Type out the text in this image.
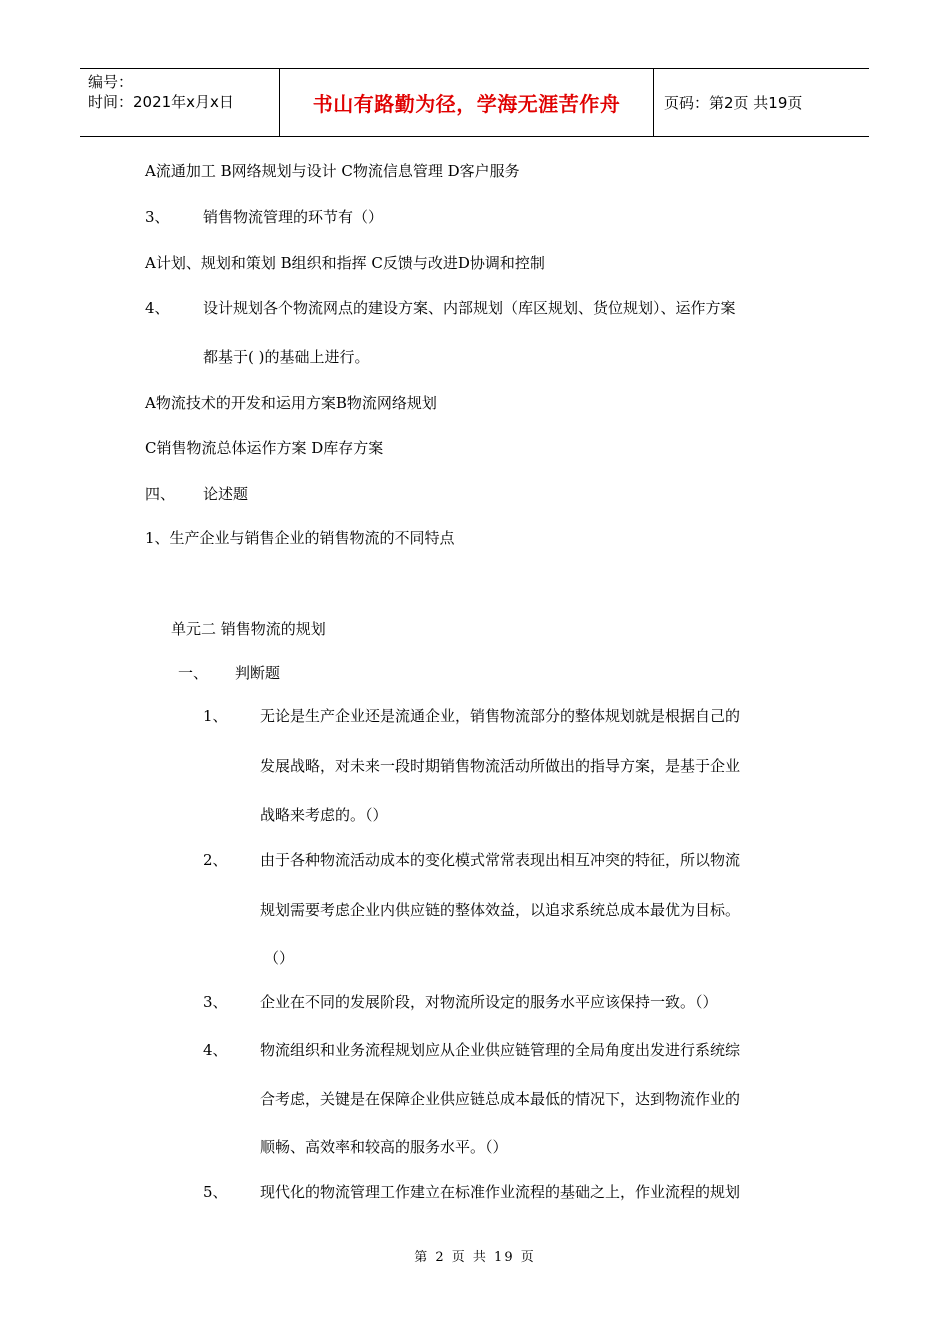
编号：
时间：2021年x月x日	书山有路勤为径，学海无涯苦作舟	页码：第2页 共19页
A流通加工 B网络规划与设计 C物流信息管理 D客户服务
3、 销售物流管理的环节有（）
A计划、规划和策划 B组织和指挥 C反馈与改进D协调和控制
4、 设计规划各个物流网点的建设方案、内部规划（库区规划、货位规划）、运作方案
都基于( )的基础上进行。
A物流技术的开发和运用方案B物流网络规划
C销售物流总体运作方案 D库存方案
四、 论述题
1、生产企业与销售企业的销售物流的不同特点
单元二 销售物流的规划
一、 判断题
1、 无论是生产企业还是流通企业，销售物流部分的整体规划就是根据自己的
发展战略，对未来一段时期销售物流活动所做出的指导方案，是基于企业
战略来考虑的。（）
2、 由于各种物流活动成本的变化模式常常表现出相互冲突的特征，所以物流
规划需要考虑企业内供应链的整体效益，以追求系统总成本最优为目标。
（）
3、 企业在不同的发展阶段，对物流所设定的服务水平应该保持一致。（）
4、 物流组织和业务流程规划应从企业供应链管理的全局角度出发进行系统综
合考虑，关键是在保障企业供应链总成本最低的情况下，达到物流作业的
顺畅、高效率和较高的服务水平。（）
5、 现代化的物流管理工作建立在标准作业流程的基础之上，作业流程的规划
第 2 页 共 19 页
